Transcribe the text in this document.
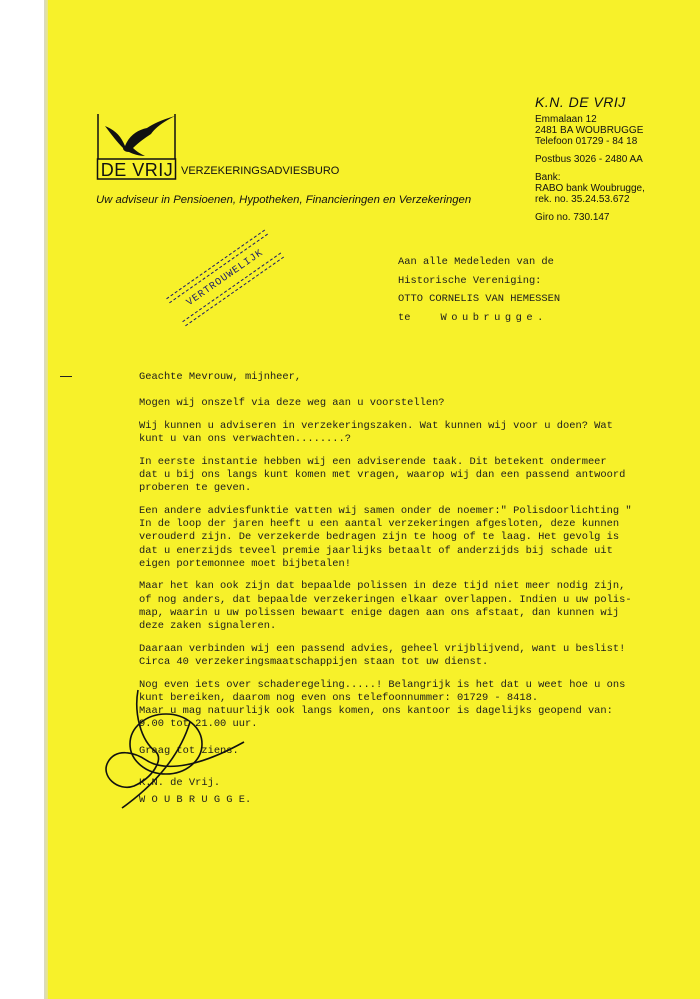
DE VRIJ VERZEKERINGSADVIESBURO
Uw adviseur in Pensioenen, Hypotheken, Financieringen en Verzekeringen
K.N. DE VRIJ
Emmalaan 12
2481 BA WOUBRUGGE
Telefoon 01729 - 84 18
Postbus 3026 - 2480 AA
Bank:
RABO bank Woubrugge,
rek. no. 35.24.53.672
Giro no. 730.147
VERTROUWELIJK	Aan alle Medeleden van de
Historische Vereniging:
OTTO CORNELIS VAN HEMESSEN
te	Woubrugge.

Geachte Mevrouw, mijnheer,

Mogen wij onszelf via deze weg aan u voorstellen?

Wij kunnen u adviseren in verzekeringszaken. Wat kunnen wij voor u doen? Wat
kunt u van ons verwachten........?

In eerste instantie hebben wij een adviserende taak. Dit betekent ondermeer
dat u bij ons langs kunt komen met vragen, waarop wij dan een passend antwoord
proberen te geven.

Een andere adviesfunktie vatten wij samen onder de noemer:" Polisdoorlichting "
In de loop der jaren heeft u een aantal verzekeringen afgesloten, deze kunnen
verouderd zijn. De verzekerde bedragen zijn te hoog of te laag. Het gevolg is
dat u enerzijds teveel premie jaarlijks betaalt of anderzijds bij schade uit
eigen portemonnee moet bijbetalen!

Maar het kan ook zijn dat bepaalde polissen in deze tijd niet meer nodig zijn,
of nog anders, dat bepaalde verzekeringen elkaar overlappen. Indien u uw polis-
map, waarin u uw polissen bewaart enige dagen aan ons afstaat, dan kunnen wij
deze zaken signaleren.

Daaraan verbinden wij een passend advies, geheel vrijblijvend, want u beslist!
Circa 40 verzekeringsmaatschappijen staan tot uw dienst.

Nog even iets over schaderegeling.....! Belangrijk is het dat u weet hoe u ons
kunt bereiken, daarom nog even ons telefoonnummer: 01729 - 8418.
Maar u mag natuurlijk ook langs komen, ons kantoor is dagelijks geopend van:
9.00 tot 21.00 uur.

Graag tot ziens.

K.N. de Vrij.

W O U B R U G G E.
